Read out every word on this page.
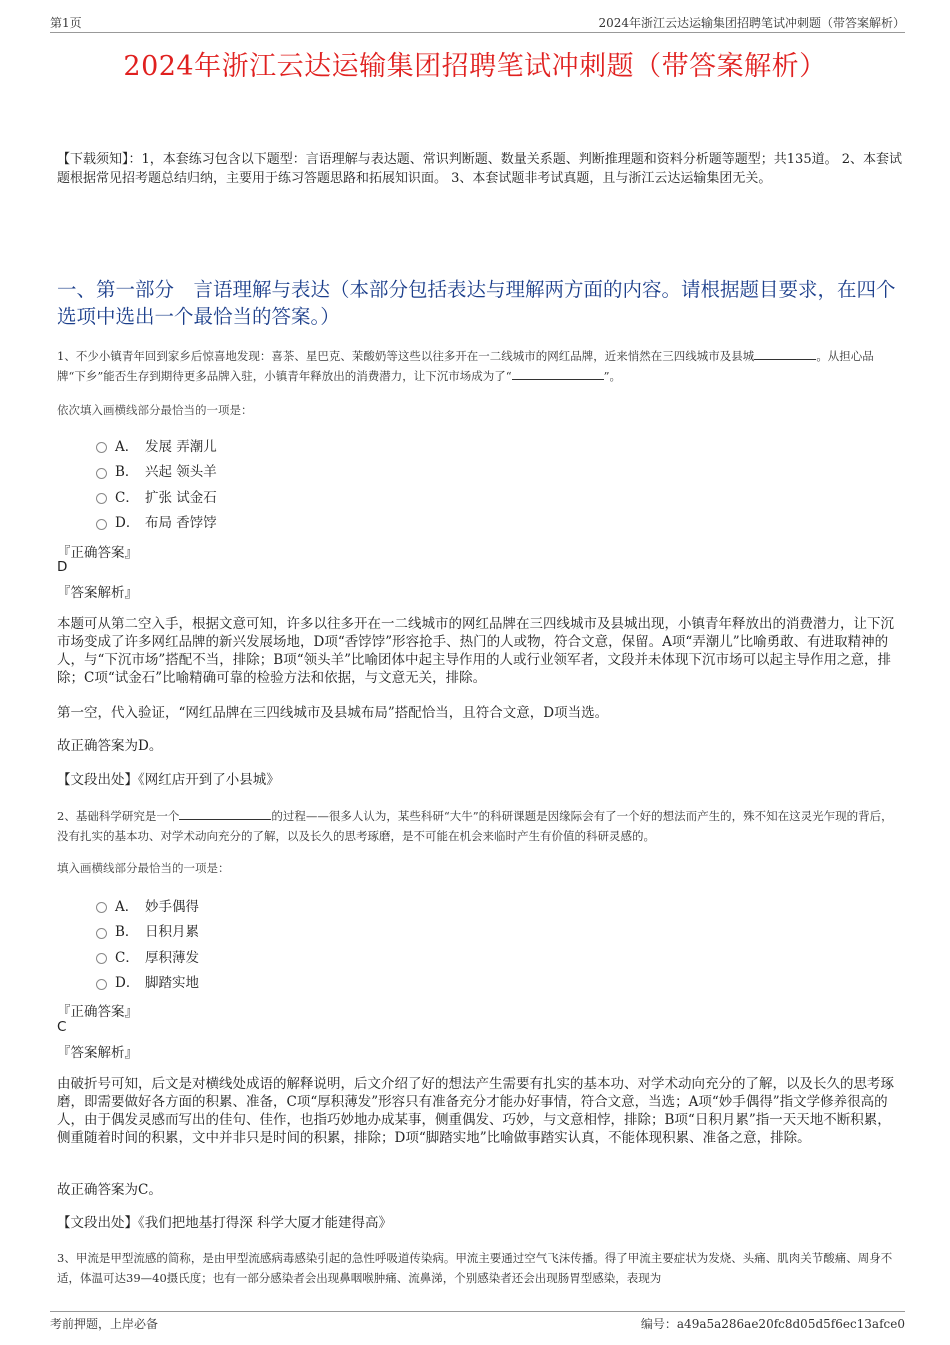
第1页	2024年浙江云达运输集团招聘笔试冲刺题（带答案解析）
2024年浙江云达运输集团招聘笔试冲刺题（带答案解析）
【下载须知】：1，本套练习包含以下题型：言语理解与表达题、常识判断题、数量关系题、判断推理题和资料分析题等题型；共135道。 2、本套试题根据常见招考题总结归纳，主要用于练习答题思路和拓展知识面。 3、本套试题非考试真题，且与浙江云达运输集团无关。
一、第一部分　言语理解与表达（本部分包括表达与理解两方面的内容。请根据题目要求，在四个选项中选出一个最恰当的答案。）
1、不少小镇青年回到家乡后惊喜地发现：喜茶、星巴克、茉酸奶等这些以往多开在一二线城市的网红品牌，近来悄然在三四线城市及县城	。从担心品牌“下乡”能否生存到期待更多品牌入驻，小镇青年释放出的消费潜力，让下沉市场成为了“	”。
依次填入画横线部分最恰当的一项是：
A． 发展 弄潮儿
B． 兴起 领头羊
C． 扩张 试金石
D． 布局 香饽饽
『正确答案』
D
『答案解析』
本题可从第二空入手，根据文意可知，许多以往多开在一二线城市的网红品牌在三四线城市及县城出现，小镇青年释放出的消费潜力，让下沉市场变成了许多网红品牌的新兴发展场地，D项“香饽饽”形容抢手、热门的人或物，符合文意，保留。A项“弄潮儿”比喻勇敢、有进取精神的人，与“下沉市场”搭配不当，排除；B项“领头羊”比喻团体中起主导作用的人或行业领军者，文段并未体现下沉市场可以起主导作用之意，排除；C项“试金石”比喻精确可靠的检验方法和依据，与文意无关，排除。
第一空，代入验证，“网红品牌在三四线城市及县城布局”搭配恰当，且符合文意，D项当选。
故正确答案为D。
【文段出处】《网红店开到了小县城》
2、基础科学研究是一个	的过程——很多人认为，某些科研“大牛”的科研课题是因缘际会有了一个好的想法而产生的，殊不知在这灵光乍现的背后，没有扎实的基本功、对学术动向充分的了解，以及长久的思考琢磨，是不可能在机会来临时产生有价值的科研灵感的。
填入画横线部分最恰当的一项是：
A． 妙手偶得
B． 日积月累
C． 厚积薄发
D． 脚踏实地
『正确答案』
C
『答案解析』
由破折号可知，后文是对横线处成语的解释说明，后文介绍了好的想法产生需要有扎实的基本功、对学术动向充分的了解，以及长久的思考琢磨，即需要做好各方面的积累、准备，C项“厚积薄发”形容只有准备充分才能办好事情，符合文意，当选；A项“妙手偶得”指文学修养很高的人，由于偶发灵感而写出的佳句、佳作，也指巧妙地办成某事，侧重偶发、巧妙，与文意相悖，排除；B项“日积月累”指一天天地不断积累，侧重随着时间的积累，文中并非只是时间的积累，排除；D项“脚踏实地”比喻做事踏实认真，不能体现积累、准备之意，排除。
故正确答案为C。
【文段出处】《我们把地基打得深 科学大厦才能建得高》
3、甲流是甲型流感的简称，是由甲型流感病毒感染引起的急性呼吸道传染病。甲流主要通过空气飞沫传播。得了甲流主要症状为发烧、头痛、肌肉关节酸痛、周身不适，体温可达39—40摄氏度；也有一部分感染者会出现鼻咽喉肿痛、流鼻涕，个别感染者还会出现肠胃型感染，表现为
考前押题，上岸必备	编号：a49a5a286ae20fc8d05d5f6ec13afce0
